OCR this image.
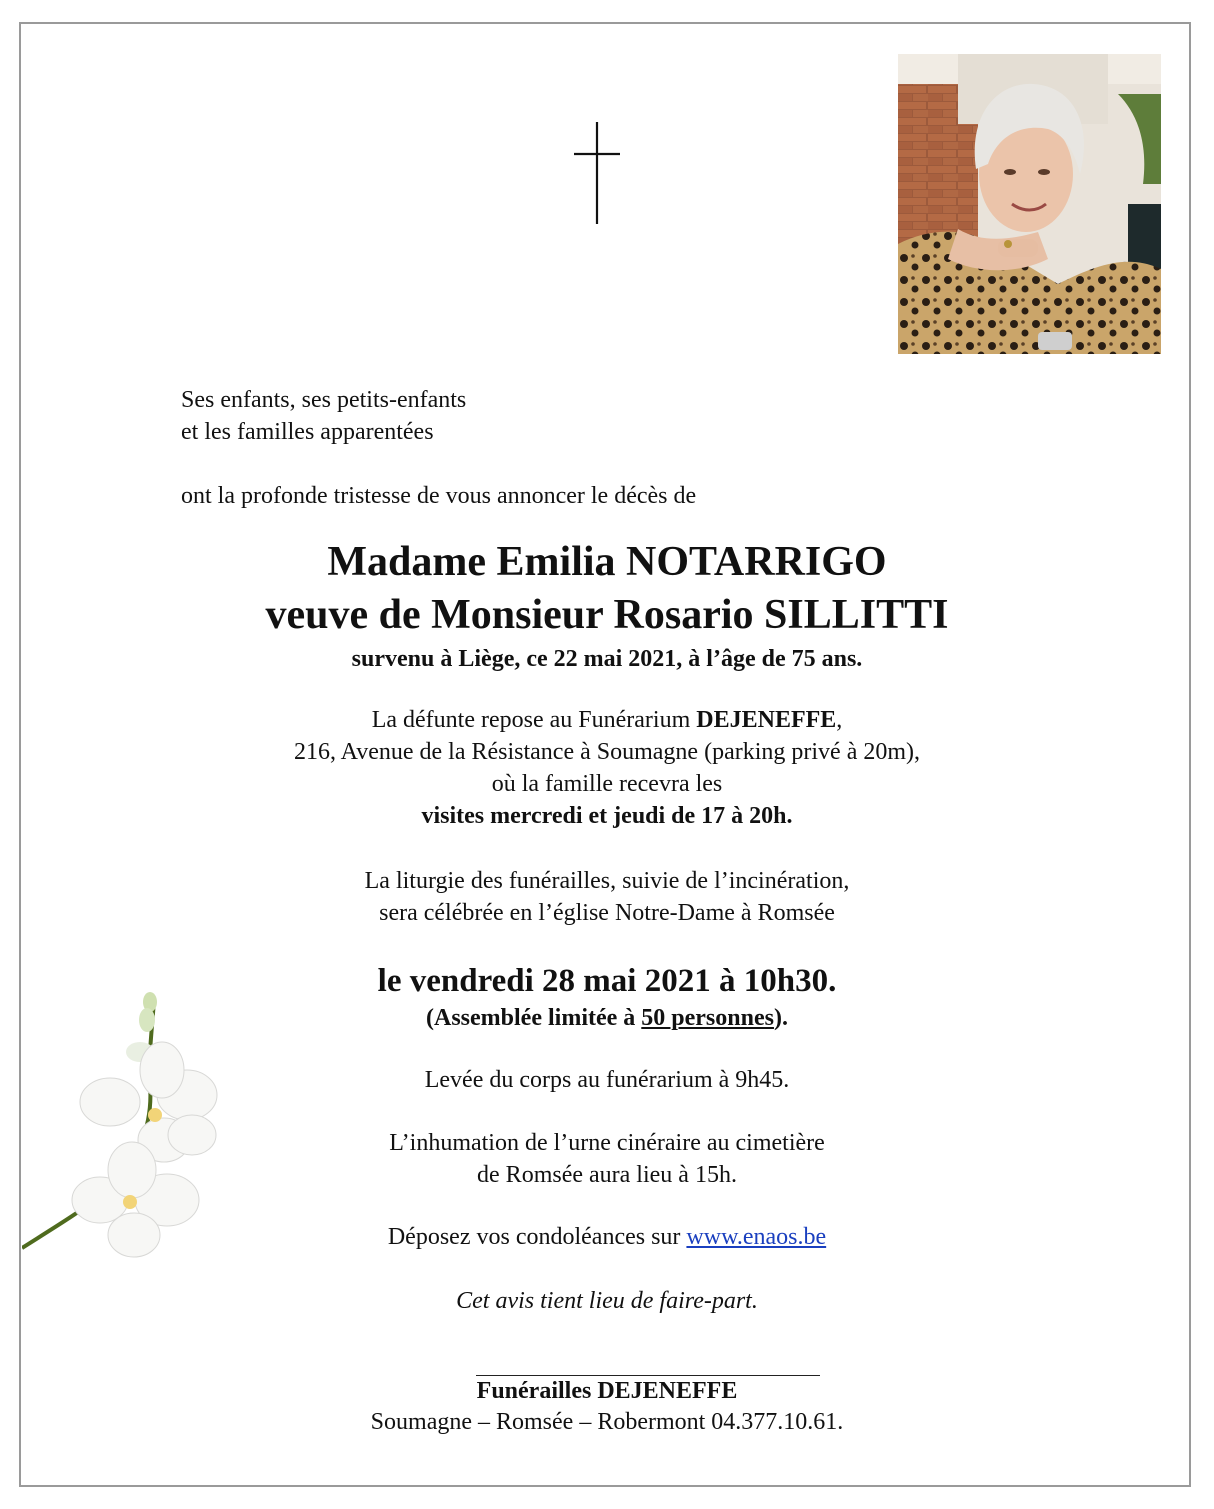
Ses enfants, ses petits-enfants
et les familles apparentées
ont la profonde tristesse de vous annoncer le décès de
Madame Emilia NOTARRIGO
veuve de Monsieur Rosario SILLITTI
survenu à Liège, ce 22 mai 2021, à l’âge de 75 ans.
La défunte repose au Funérarium DEJENEFFE,
216, Avenue de la Résistance à Soumagne (parking privé à 20m),
où la famille recevra les
visites mercredi et jeudi de 17 à 20h.
La liturgie des funérailles, suivie de l’incinération,
sera célébrée en l’église Notre-Dame à Romsée
le vendredi 28 mai 2021 à 10h30.
(Assemblée limitée à 50 personnes).
Levée du corps au funérarium à 9h45.
L’inhumation de l’urne cinéraire au cimetière
de Romsée aura lieu à 15h.
Déposez vos condoléances sur www.enaos.be
Cet avis tient lieu de faire-part.
Funérailles DEJENEFFE
Soumagne – Romsée – Robermont 04.377.10.61.
